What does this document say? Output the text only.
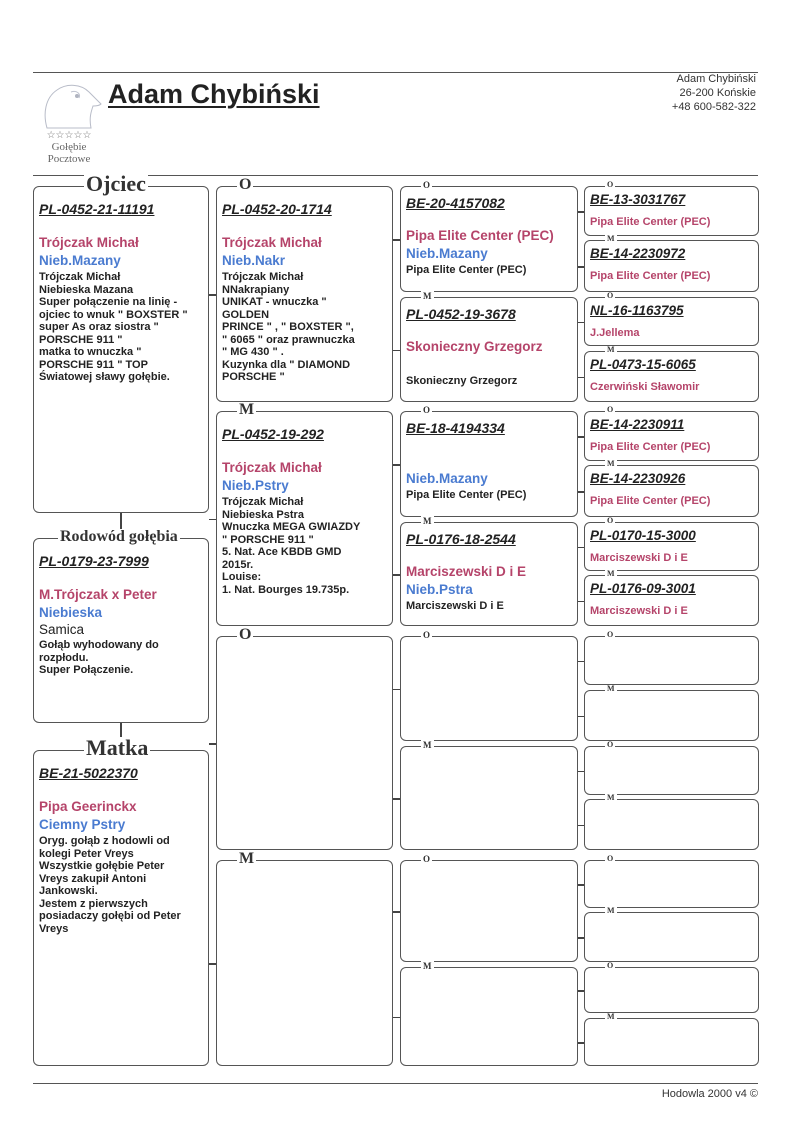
☆☆☆☆☆
Gołębie
Pocztowe
Adam Chybiński	Adam Chybiński
26-200 Końskie
+48 600-582-322
Ojciec
PL-0452-21-11191
Trójczak Michał
Nieb.Mazany
Trójczak Michał
Niebieska Mazana
Super połączenie na linię -
ojciec to wnuk " BOXSTER "
super As oraz siostra "
PORSCHE 911 "
matka to wnuczka "
PORSCHE 911 " TOP
Światowej sławy gołębie.
Rodowód gołębia
PL-0179-23-7999
M.Trójczak x Peter
Niebieska
Samica
Gołąb wyhodowany do
rozpłodu.
Super Połączenie.
Matka
BE-21-5022370
Pipa Geerinckx
Ciemny Pstry
Oryg. gołąb z hodowli od
kolegi Peter Vreys
Wszystkie gołębie Peter
Vreys zakupił Antoni
Jankowski.
Jestem z pierwszych
posiadaczy gołębi od Peter
Vreys
O
PL-0452-20-1714
Trójczak Michał
Nieb.Nakr
Trójczak Michał
NNakrapiany
UNIKAT - wnuczka "
GOLDEN
PRINCE " , " BOXSTER ",
" 6065 " oraz prawnuczka
" MG 430 " .
Kuzynka dla " DIAMOND
PORSCHE "
M
PL-0452-19-292
Trójczak Michał
Nieb.Pstry
Trójczak Michał
Niebieska Pstra
Wnuczka MEGA GWIAZDY
" PORSCHE 911 "
5. Nat. Ace KBDB GMD
2015r.
Louise:
1. Nat. Bourges 19.735p.
O
M
O
BE-20-4157082
Pipa Elite Center (PEC)
Nieb.Mazany
Pipa Elite Center (PEC)
M
PL-0452-19-3678
Skonieczny Grzegorz
Skonieczny Grzegorz
O
BE-18-4194334
Nieb.Mazany
Pipa Elite Center (PEC)
M
PL-0176-18-2544
Marciszewski D i E
Nieb.Pstra
Marciszewski D i E
O
M
O
M
O
BE-13-3031767
Pipa Elite Center (PEC)
M
BE-14-2230972
Pipa Elite Center (PEC)
O
NL-16-1163795
J.Jellema
M
PL-0473-15-6065
Czerwiński Sławomir
O
BE-14-2230911
Pipa Elite Center (PEC)
M
BE-14-2230926
Pipa Elite Center (PEC)
O
PL-0170-15-3000
Marciszewski D i E
M
PL-0176-09-3001
Marciszewski D i E
O
M
O
M
O
M
O
M
Hodowla 2000 v4 ©
